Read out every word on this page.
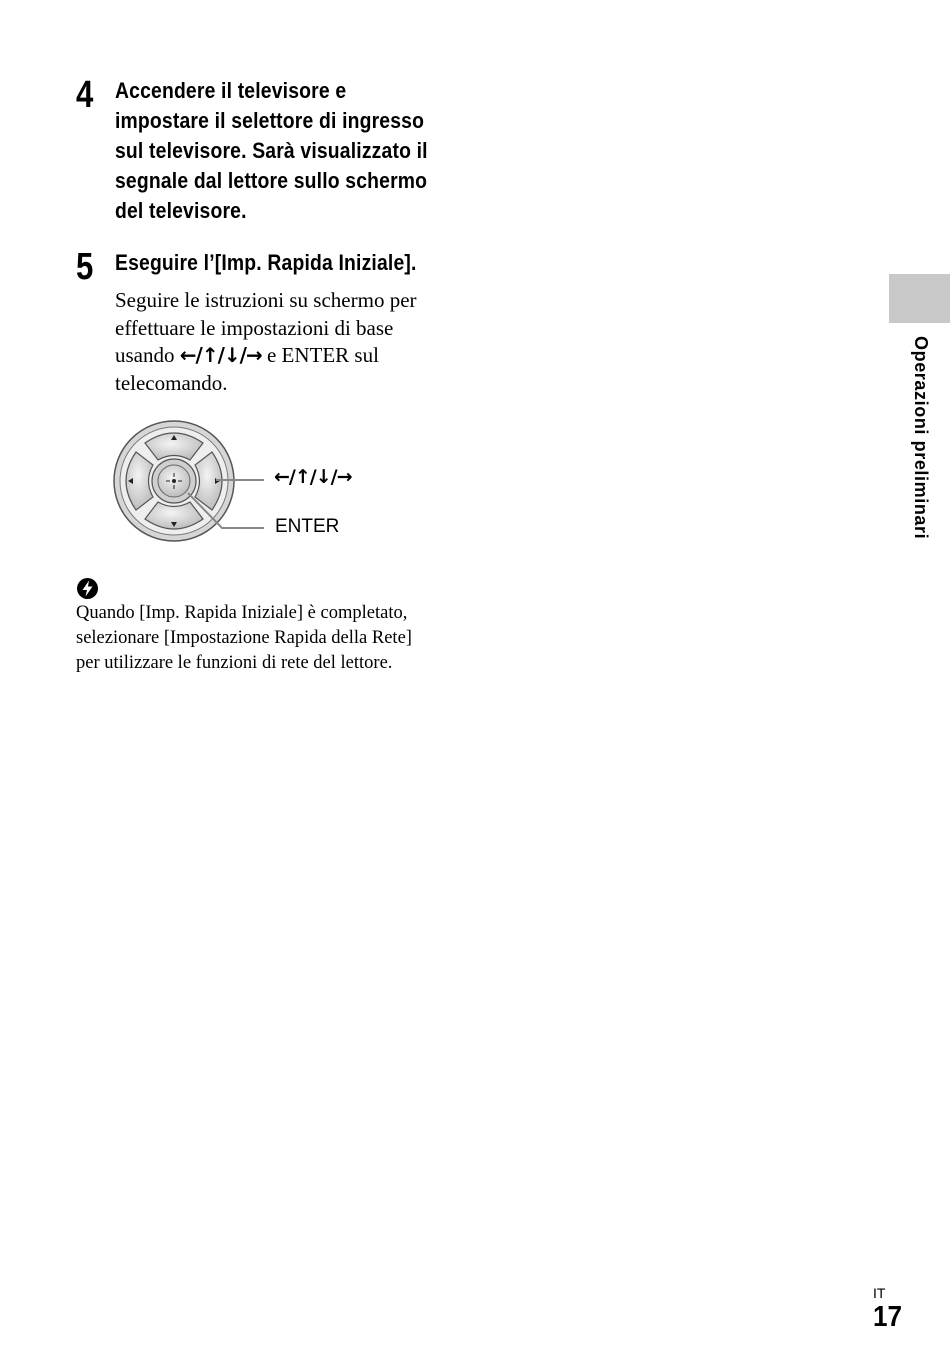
4 Accendere il televisore e
impostare il selettore di ingresso
sul televisore. Sarà visualizzato il
segnale dal lettore sullo schermo
del televisore.
5 Eseguire l’[Imp. Rapida Iniziale].
Seguire le istruzioni su schermo per
effettuare le impostazioni di base
usando ←/↑/↓/→ e ENTER sul
telecomando.
←/↑/↓/→
ENTER
Quando [Imp. Rapida Iniziale] è completato,
selezionare [Impostazione Rapida della Rete]
per utilizzare le funzioni di rete del lettore.
Operazioni preliminari
IT
17
